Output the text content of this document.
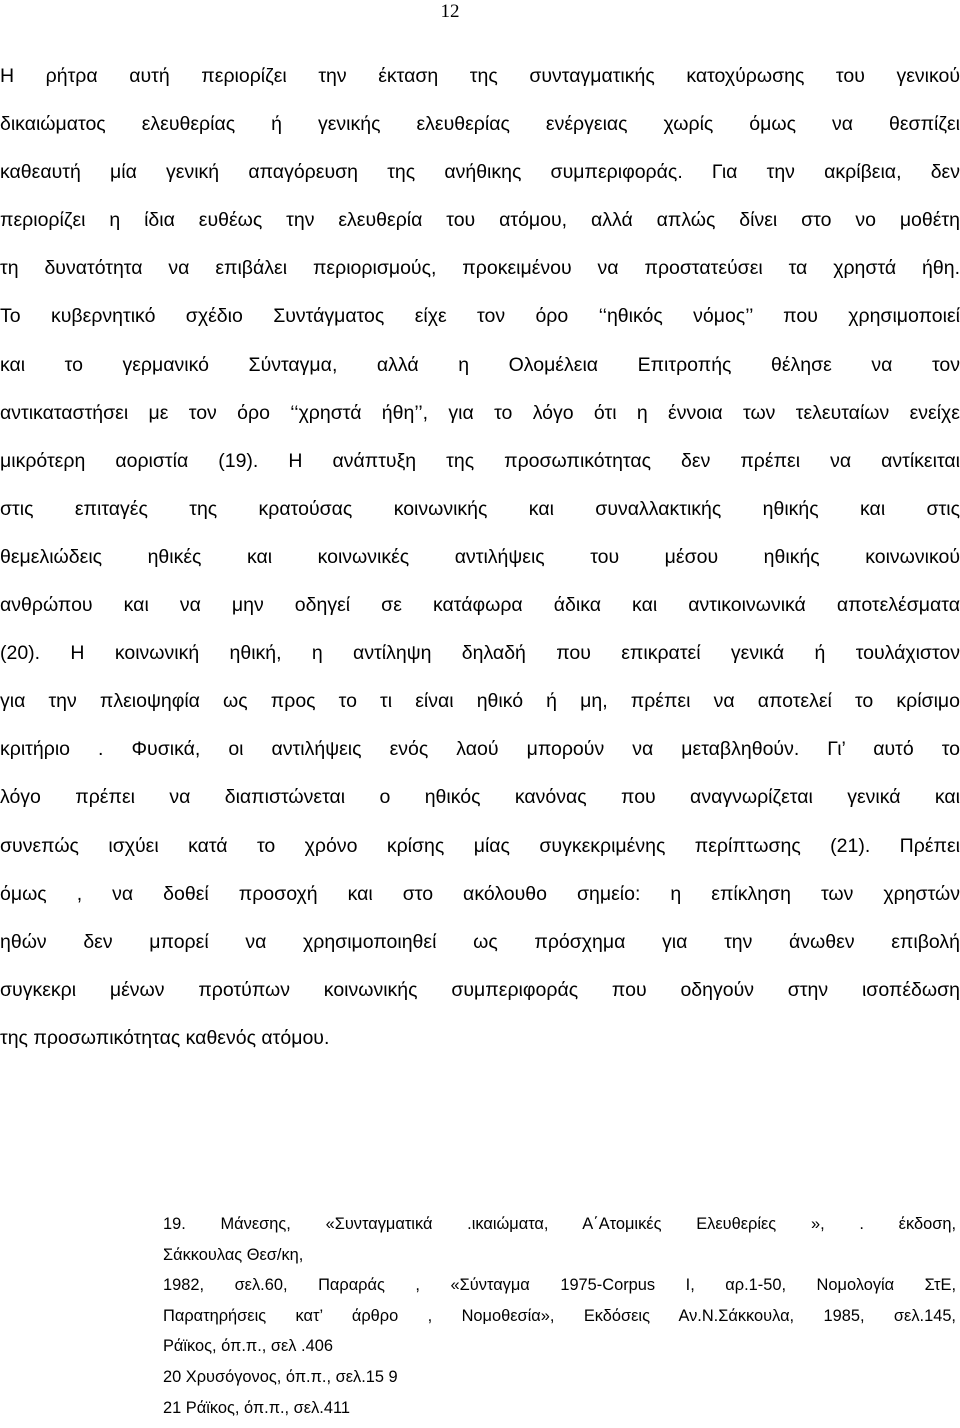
12
Η ρήτρα αυτή περιορίζει την έκταση της συνταγματικής κατοχύρωσης του γενικού
δικαιώματος ελευθερίας ή γενικής ελευθερίας ενέργειας χωρίς όμως να θεσπίζει
καθεαυτή μία γενική απαγόρευση της ανήθικης συμπεριφοράς. Για την ακρίβεια, δεν
περιορίζει η ίδια ευθέως την ελευθερία του ατόμου, αλλά απλώς δίνει στο νο μοθέτη
τη δυνατότητα να επιβάλει περιορισμούς, προκειμένου να προστατεύσει τα χρηστά ήθη.
Το κυβερνητικό σχέδιο Συντάγματος είχε τον όρο ‘‘ηθικός νόμος’’ που χρησιμοποιεί
και το γερμανικό Σύνταγμα, αλλά η Ολομέλεια Επιτροπής θέλησε να τον
αντικαταστήσει με τον όρο ‘‘χρηστά ήθη’’, για το λόγο ότι η έννοια των τελευταίων ενείχε
μικρότερη αοριστία (19). Η ανάπτυξη της προσωπικότητας δεν πρέπει να αντίκειται
στις επιταγές της κρατούσας κοινωνικής και συναλλακτικής ηθικής και στις
θεμελιώδεις ηθικές και κοινωνικές αντιλήψεις του μέσου ηθικής κοινωνικού
ανθρώπου και να μην οδηγεί σε κατάφωρα άδικα και αντικοινωνικά αποτελέσματα
(20). Η κοινωνική ηθική, η αντίληψη δηλαδή που επικρατεί γενικά ή τουλάχιστον
για την πλειοψηφία ως προς το τι είναι ηθικό ή μη, πρέπει να αποτελεί το κρίσιμο
κριτήριο . Φυσικά, οι αντιλήψεις ενός λαού μπορούν να μεταβληθούν. Γι’ αυτό το
λόγο πρέπει να διαπιστώνεται ο ηθικός κανόνας που αναγνωρίζεται γενικά και
συνεπώς ισχύει κατά το χρόνο κρίσης μίας συγκεκριμένης περίπτωσης (21). Πρέπει
όμως , να δοθεί προσοχή και στο ακόλουθο σημείο: η επίκληση των χρηστών
ηθών δεν μπορεί να χρησιμοποιηθεί ως πρόσχημα για την άνωθεν επιβολή
συγκεκρι μένων προτύπων κοινωνικής συμπεριφοράς που οδηγούν στην ισοπέδωση
της προσωπικότητας καθενός ατόμου.
19. Μάνεσης, «Συνταγματικά .ικαιώματα, Α΄Ατομικές Ελευθερίες », . έκδοση,
Σάκκουλας Θεσ/κη,
1982, σελ.60, Παραράς , «Σύνταγμα 1975-Corpus I, αρ.1-50, Νομολογία ΣτΕ,
Παρατηρήσεις κατ’ άρθρο , Νομοθεσία», Εκδόσεις Αν.Ν.Σάκκουλα, 1985, σελ.145,
Ράϊκος, όπ.π., σελ .406
20 Χρυσόγονος, όπ.π., σελ.15 9
21 Ράϊκος, όπ.π., σελ.411
